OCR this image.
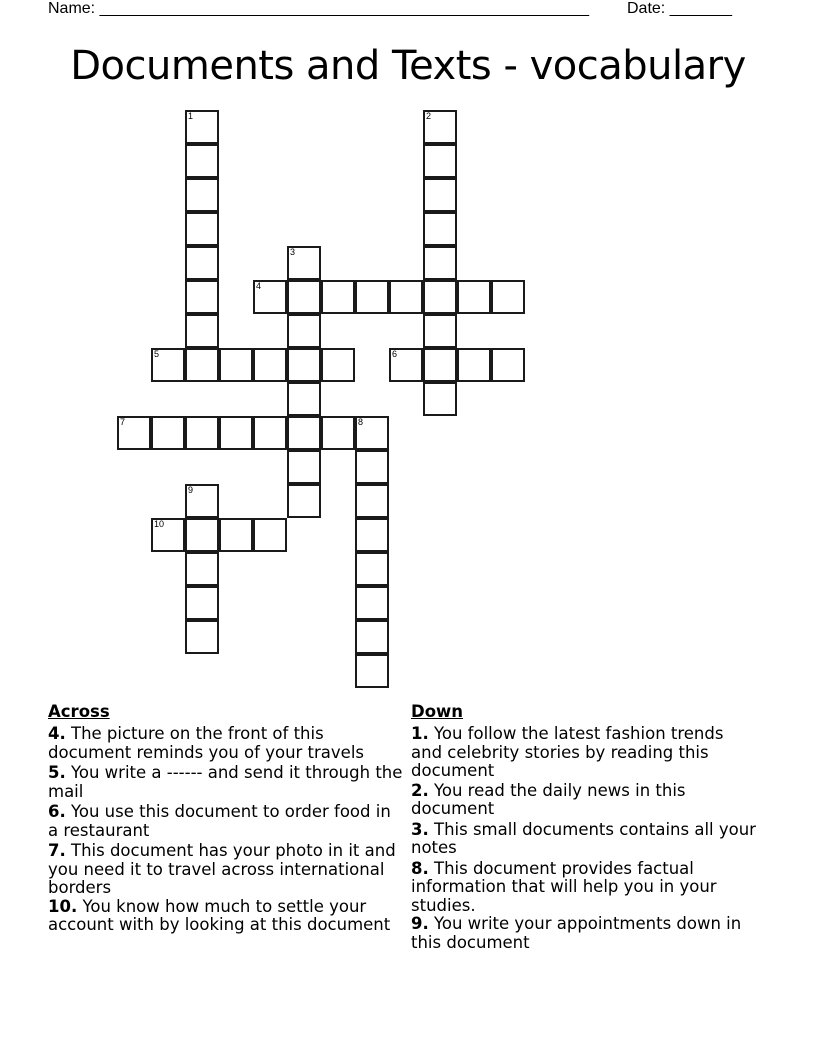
Name: _______________________________________________________ Date: _______
Documents and Texts - vocabulary
1	2
3
4
5	6
7	8
9
10
Across
4. The picture on the front of this document reminds you of your travels
5. You write a ------ and send it through the mail
6. You use this document to order food in a restaurant
7. This document has your photo in it and you need it to travel across international borders
10. You know how much to settle your account with by looking at this document
Down
1. You follow the latest fashion trends and celebrity stories by reading this document
2. You read the daily news in this document
3. This small documents contains all your notes
8. This document provides factual information that will help you in your studies.
9. You write your appointments down in this document
